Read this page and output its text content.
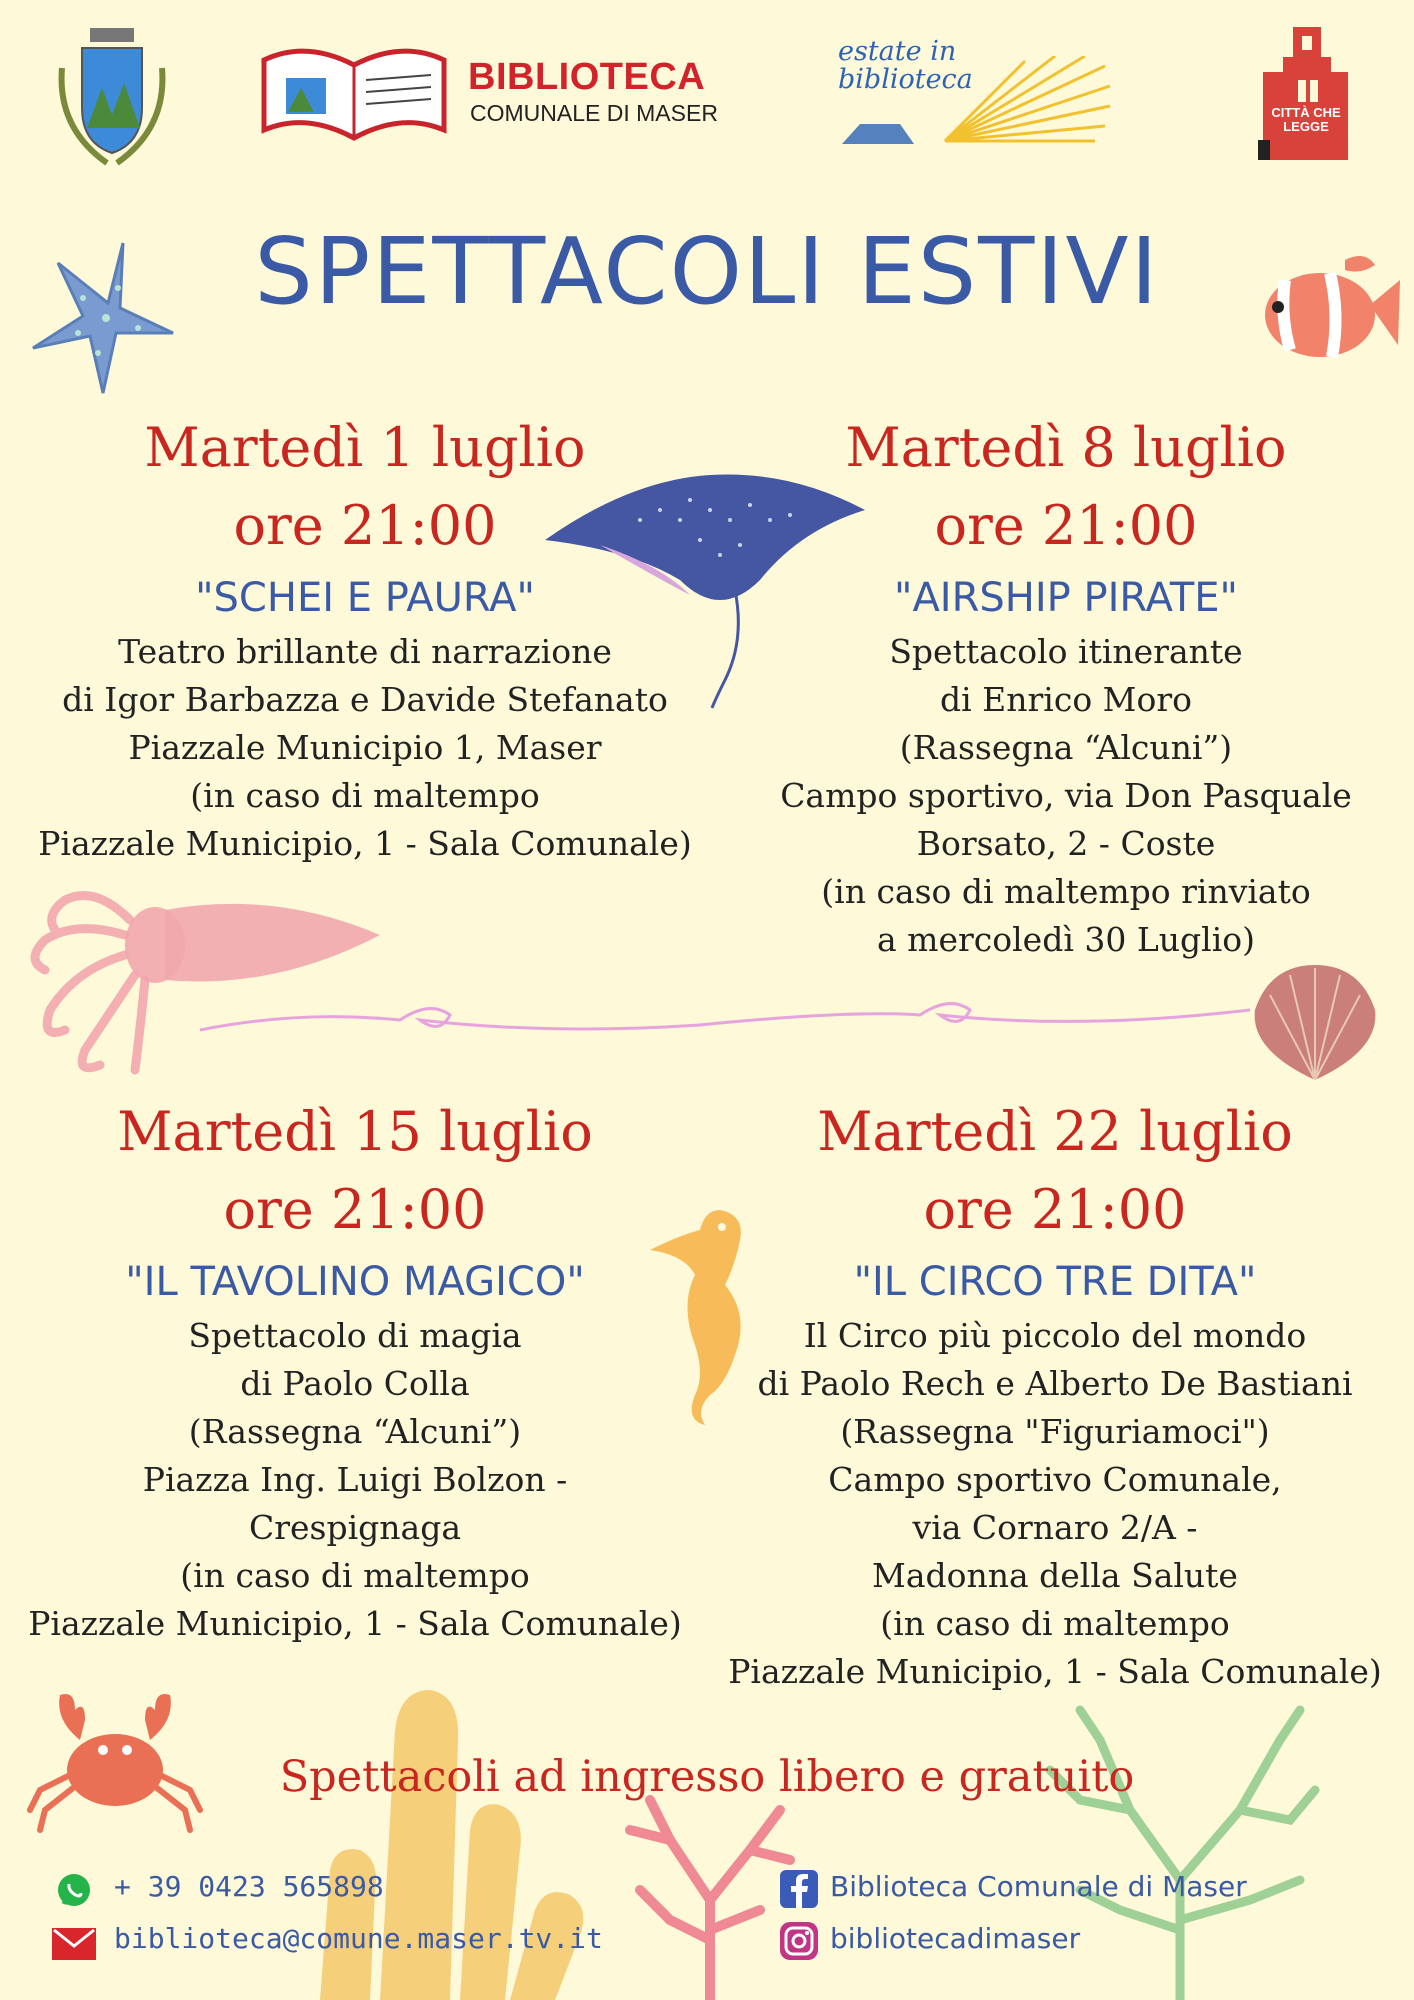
BIBLIOTECA
COMUNALE DI MASER
estate in biblioteca
CITTÀ CHE LEGGE
SPETTACOLI ESTIVI
Martedì 1 luglio
ore 21:00
"SCHEI E PAURA"
Teatro brillante di narrazione
di Igor Barbazza e Davide Stefanato
Piazzale Municipio 1, Maser
(in caso di maltempo
Piazzale Municipio, 1 - Sala Comunale)
Martedì 8 luglio
ore 21:00
"AIRSHIP PIRATE"
Spettacolo itinerante
di Enrico Moro
(Rassegna “Alcuni”)
Campo sportivo, via Don Pasquale
Borsato, 2 - Coste
(in caso di maltempo rinviato
a mercoledì 30 Luglio)
Martedì 15 luglio
ore 21:00
"IL TAVOLINO MAGICO"
Spettacolo di magia
di Paolo Colla
(Rassegna “Alcuni”)
Piazza Ing. Luigi Bolzon -
Crespignaga
(in caso di maltempo
Piazzale Municipio, 1 - Sala Comunale)
Martedì 22 luglio
ore 21:00
"IL CIRCO TRE DITA"
Il Circo più piccolo del mondo
di Paolo Rech e Alberto De Bastiani
(Rassegna "Figuriamoci")
Campo sportivo Comunale,
via Cornaro 2/A -
Madonna della Salute
(in caso di maltempo
Piazzale Municipio, 1 - Sala Comunale)
Spettacoli ad ingresso libero e gratuito
+ 39 0423 565898
biblioteca@comune.maser.tv.it
Biblioteca Comunale di Maser
bibliotecadimaser
